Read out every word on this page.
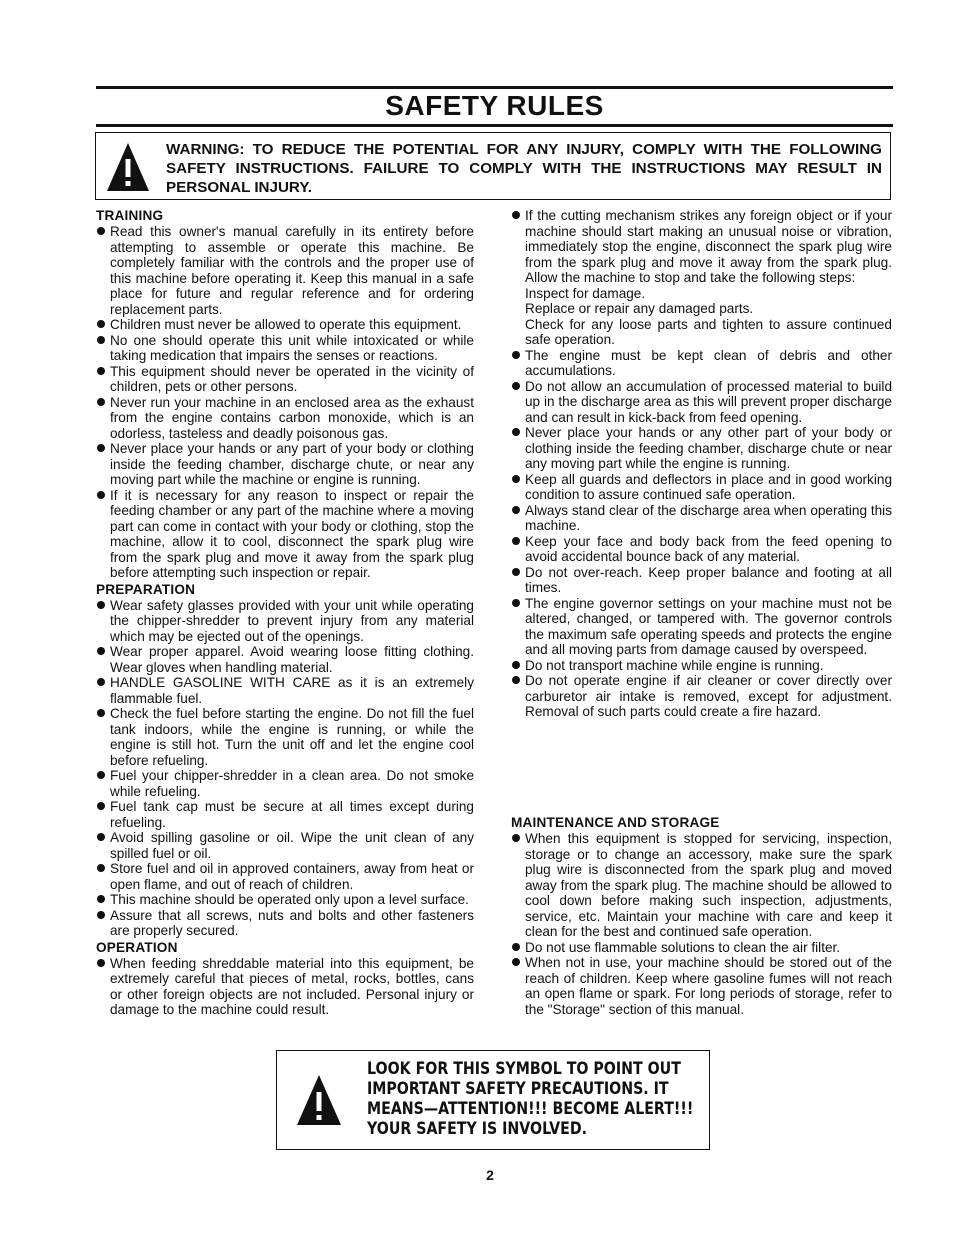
SAFETY RULES
WARNING: TO REDUCE THE POTENTIAL FOR ANY INJURY, COMPLY WITH THE FOLLOWING SAFETY INSTRUCTIONS. FAILURE TO COMPLY WITH THE INSTRUCTIONS MAY RESULT IN PERSONAL INJURY.
TRAINING
Read this owner's manual carefully in its entirety before attempting to assemble or operate this machine. Be completely familiar with the controls and the proper use of this machine before operating it. Keep this manual in a safe place for future and regular reference and for ordering replacement parts.
Children must never be allowed to operate this equipment.
No one should operate this unit while intoxicated or while taking medication that impairs the senses or reactions.
This equipment should never be operated in the vicinity of children, pets or other persons.
Never run your machine in an enclosed area as the exhaust from the engine contains carbon monoxide, which is an odorless, tasteless and deadly poisonous gas.
Never place your hands or any part of your body or clothing inside the feeding chamber, discharge chute, or near any moving part while the machine or engine is running.
If it is necessary for any reason to inspect or repair the feeding chamber or any part of the machine where a moving part can come in contact with your body or clothing, stop the machine, allow it to cool, disconnect the spark plug wire from the spark plug and move it away from the spark plug before attempting such inspection or repair.
PREPARATION
Wear safety glasses provided with your unit while operating the chipper-shredder to prevent injury from any material which may be ejected out of the openings.
Wear proper apparel. Avoid wearing loose fitting clothing. Wear gloves when handling material.
HANDLE GASOLINE WITH CARE as it is an extremely flammable fuel.
Check the fuel before starting the engine. Do not fill the fuel tank indoors, while the engine is running, or while the engine is still hot. Turn the unit off and let the engine cool before refueling.
Fuel your chipper-shredder in a clean area. Do not smoke while refueling.
Fuel tank cap must be secure at all times except during refueling.
Avoid spilling gasoline or oil. Wipe the unit clean of any spilled fuel or oil.
Store fuel and oil in approved containers, away from heat or open flame, and out of reach of children.
This machine should be operated only upon a level surface.
Assure that all screws, nuts and bolts and other fasteners are properly secured.
OPERATION
When feeding shreddable material into this equipment, be extremely careful that pieces of metal, rocks, bottles, cans or other foreign objects are not included. Personal injury or damage to the machine could result.
If the cutting mechanism strikes any foreign object or if your machine should start making an unusual noise or vibration, immediately stop the engine, disconnect the spark plug wire from the spark plug and move it away from the spark plug. Allow the machine to stop and take the following steps:
Inspect for damage.
Replace or repair any damaged parts.
Check for any loose parts and tighten to assure continued safe operation.
The engine must be kept clean of debris and other accumulations.
Do not allow an accumulation of processed material to build up in the discharge area as this will prevent proper discharge and can result in kick-back from feed opening.
Never place your hands or any other part of your body or clothing inside the feeding chamber, discharge chute or near any moving part while the engine is running.
Keep all guards and deflectors in place and in good working condition to assure continued safe operation.
Always stand clear of the discharge area when operating this machine.
Keep your face and body back from the feed opening to avoid accidental bounce back of any material.
Do not over-reach. Keep proper balance and footing at all times.
The engine governor settings on your machine must not be altered, changed, or tampered with. The governor controls the maximum safe operating speeds and protects the engine and all moving parts from damage caused by overspeed.
Do not transport machine while engine is running.
Do not operate engine if air cleaner or cover directly over carburetor air intake is removed, except for adjustment. Removal of such parts could create a fire hazard.
MAINTENANCE AND STORAGE
When this equipment is stopped for servicing, inspection, storage or to change an accessory, make sure the spark plug wire is disconnected from the spark plug and moved away from the spark plug. The machine should be allowed to cool down before making such inspection, adjustments, service, etc. Maintain your machine with care and keep it clean for the best and continued safe operation.
Do not use flammable solutions to clean the air filter.
When not in use, your machine should be stored out of the reach of children. Keep where gasoline fumes will not reach an open flame or spark. For long periods of storage, refer to the "Storage" section of this manual.
LOOK FOR THIS SYMBOL TO POINT OUT IMPORTANT SAFETY PRECAUTIONS. IT MEANS—ATTENTION!!! BECOME ALERT!!! YOUR SAFETY IS INVOLVED.
2
